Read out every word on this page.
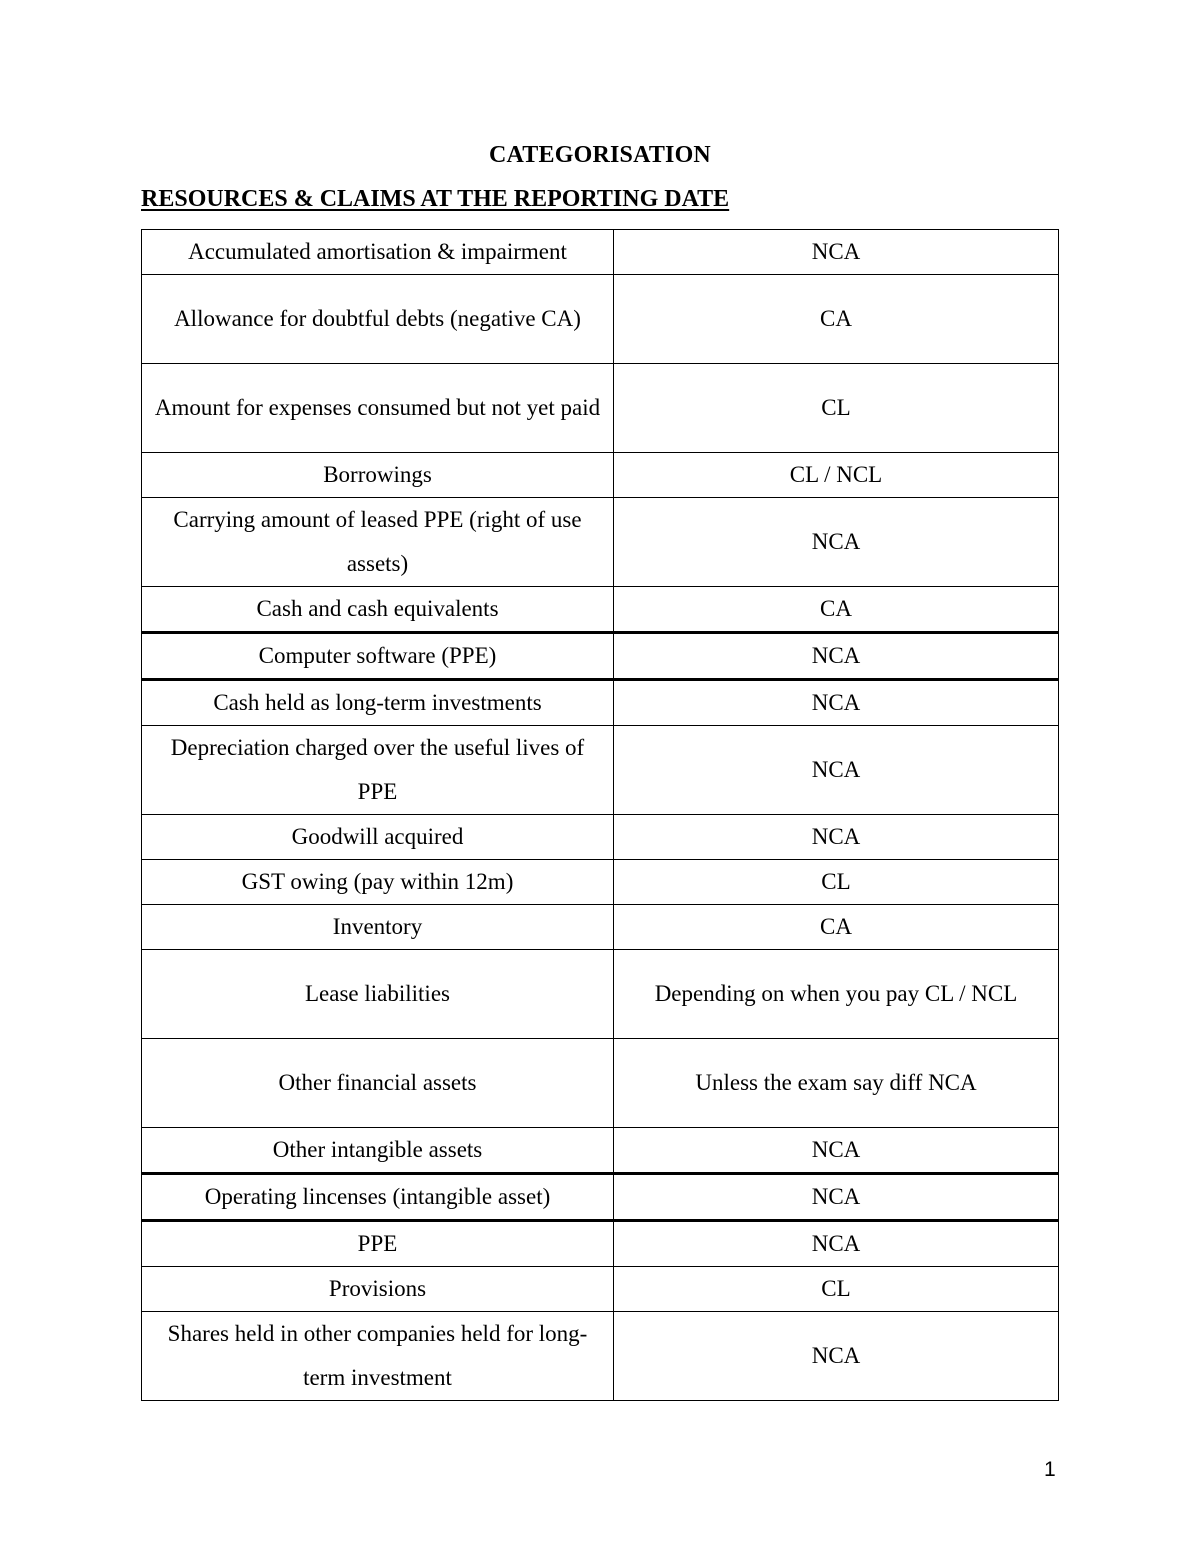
CATEGORISATION
RESOURCES & CLAIMS AT THE REPORTING DATE
Accumulated amortisation & impairment	NCA
Allowance for doubtful debts (negative CA)	CA
Amount for expenses consumed but not yet paid	CL
Borrowings	CL / NCL
Carrying amount of leased PPE (right of use assets)	NCA
Cash and cash equivalents	CA
Computer software (PPE)	NCA
Cash held as long-term investments	NCA
Depreciation charged over the useful lives of PPE	NCA
Goodwill acquired	NCA
GST owing (pay within 12m)	CL
Inventory	CA
Lease liabilities	Depending on when you pay CL / NCL
Other financial assets	Unless the exam say diff NCA
Other intangible assets	NCA
Operating lincenses (intangible asset)	NCA
PPE	NCA
Provisions	CL
Shares held in other companies held for long-term investment	NCA
1
